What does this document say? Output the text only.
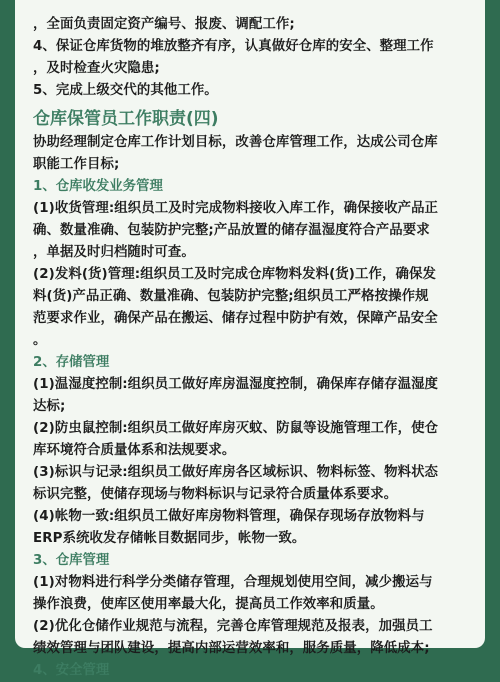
，全面负责固定资产编号、报废、调配工作;
4、保证仓库货物的堆放整齐有序，认真做好仓库的安全、整理工作
，及时检查火灾隐患;
5、完成上级交代的其他工作。
仓库保管员工作职责(四)
协助经理制定仓库工作计划目标，改善仓库管理工作，达成公司仓库
职能工作目标;
1、仓库收发业务管理
(1)收货管理:组织员工及时完成物料接收入库工作，确保接收产品正
确、数量准确、包装防护完整;产品放置的储存温湿度符合产品要求
，单据及时归档随时可查。
(2)发料(货)管理:组织员工及时完成仓库物料发料(货)工作，确保发
料(货)产品正确、数量准确、包装防护完整;组织员工严格按操作规
范要求作业，确保产品在搬运、储存过程中防护有效，保障产品安全
。
2、存储管理
(1)温湿度控制:组织员工做好库房温湿度控制，确保库存储存温湿度
达标;
(2)防虫鼠控制:组织员工做好库房灭蚊、防鼠等设施管理工作，使仓
库环境符合质量体系和法规要求。
(3)标识与记录:组织员工做好库房各区域标识、物料标签、物料状态
标识完整，使储存现场与物料标识与记录符合质量体系要求。
(4)帐物一致:组织员工做好库房物料管理，确保存现场存放物料与
ERP系统收发存储帐目数据同步，帐物一致。
3、仓库管理
(1)对物料进行科学分类储存管理，合理规划使用空间，减少搬运与
操作浪费，使库区使用率最大化，提高员工作效率和质量。
(2)优化仓储作业规范与流程，完善仓库管理规范及报表，加强员工
绩效管理与团队建设，提高内部运营效率和，服务质量，降低成本;
4、安全管理
